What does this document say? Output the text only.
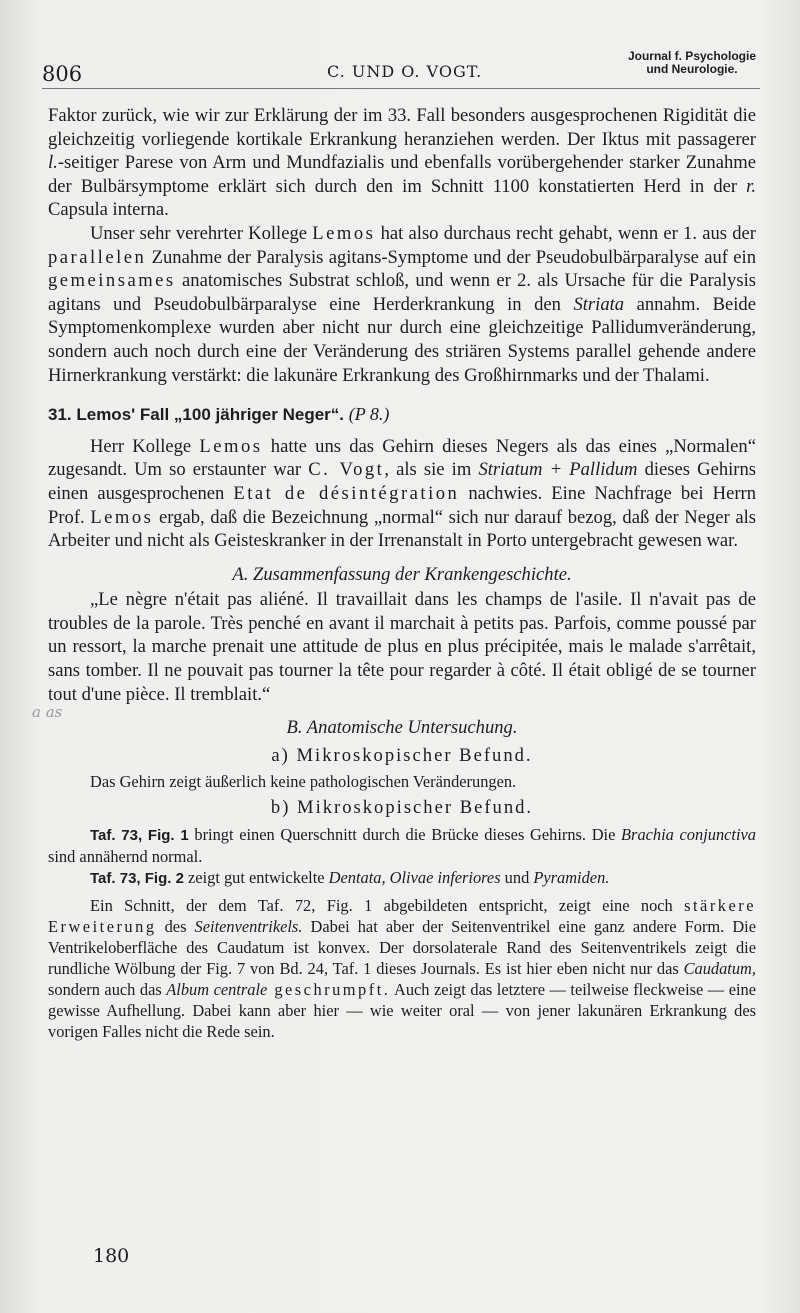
806	C. UND O. VOGT.
Journal f. Psychologie
und Neurologie.
a as

Faktor zurück, wie wir zur Erklärung der im 33. Fall besonders ausgesprochenen Rigidität die gleichzeitig vorliegende kortikale Erkrankung heranziehen werden. Der Iktus mit passagerer l.-seitiger Parese von Arm und Mundfazialis und ebenfalls vorübergehender starker Zunahme der Bulbärsymptome erklärt sich durch den im Schnitt 1100 konstatierten Herd in der r. Capsula interna.

Unser sehr verehrter Kollege Lemos hat also durchaus recht gehabt, wenn er 1. aus der parallelen Zunahme der Paralysis agitans-Symptome und der Pseudobulbärparalyse auf ein gemeinsames anatomisches Substrat schloß, und wenn er 2. als Ursache für die Paralysis agitans und Pseudobulbärparalyse eine Herderkrankung in den Striata annahm. Beide Symptomenkomplexe wurden aber nicht nur durch eine gleichzeitige Pallidumveränderung, sondern auch noch durch eine der Veränderung des striären Systems parallel gehende andere Hirnerkrankung verstärkt: die lakunäre Erkrankung des Großhirnmarks und der Thalami.

31. Lemos' Fall „100 jähriger Neger“. (P 8.)

Herr Kollege Lemos hatte uns das Gehirn dieses Negers als das eines „Normalen“ zugesandt. Um so erstaunter war C. Vogt, als sie im Striatum + Pallidum dieses Gehirns einen ausgesprochenen Etat de désintégration nachwies. Eine Nachfrage bei Herrn Prof. Lemos ergab, daß die Bezeichnung „normal“ sich nur darauf bezog, daß der Neger als Arbeiter und nicht als Geisteskranker in der Irrenanstalt in Porto untergebracht gewesen war.

A. Zusammenfassung der Krankengeschichte.

„Le nègre n'était pas aliéné. Il travaillait dans les champs de l'asile. Il n'avait pas de troubles de la parole. Très penché en avant il marchait à petits pas. Parfois, comme poussé par un ressort, la marche prenait une attitude de plus en plus précipitée, mais le malade s'arrêtait, sans tomber. Il ne pouvait pas tourner la tête pour regarder à côté. Il était obligé de se tourner tout d'une pièce. Il tremblait.“

B. Anatomische Untersuchung.

a) Mikroskopischer Befund.

Das Gehirn zeigt äußerlich keine pathologischen Veränderungen.

b) Mikroskopischer Befund.

Taf. 73, Fig. 1 bringt einen Querschnitt durch die Brücke dieses Gehirns. Die Brachia conjunctiva sind annähernd normal.

Taf. 73, Fig. 2 zeigt gut entwickelte Dentata, Olivae inferiores und Pyramiden.

Ein Schnitt, der dem Taf. 72, Fig. 1 abgebildeten entspricht, zeigt eine noch stärkere Erweiterung des Seitenventrikels. Dabei hat aber der Seitenventrikel eine ganz andere Form. Die Ventrikeloberfläche des Caudatum ist konvex. Der dorsolaterale Rand des Seitenventrikels zeigt die rundliche Wölbung der Fig. 7 von Bd. 24, Taf. 1 dieses Journals. Es ist hier eben nicht nur das Caudatum, sondern auch das Album centrale geschrumpft. Auch zeigt das letztere — teilweise fleckweise — eine gewisse Aufhellung. Dabei kann aber hier — wie weiter oral — von jener lakunären Erkrankung des vorigen Falles nicht die Rede sein.

180
